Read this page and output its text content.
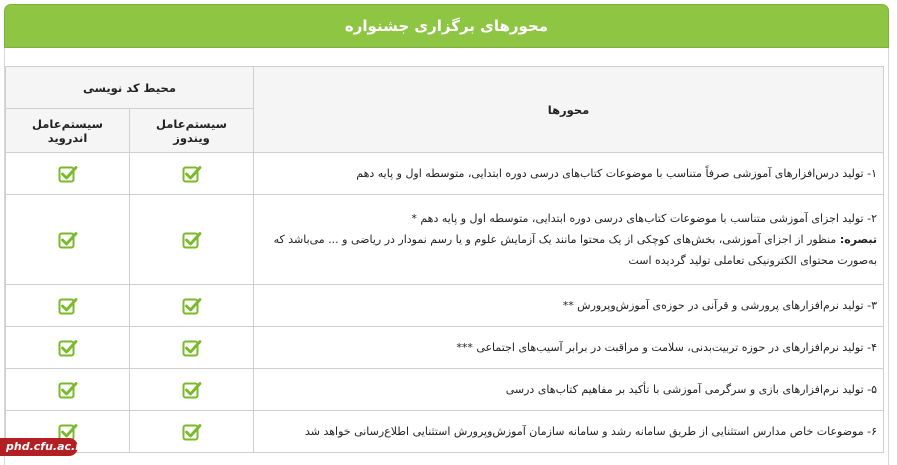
محورهای برگزاری جشنواره
محورها	محیط کد نویسی	
	سیستم‌عامل ویندوز	سیستم‌عامل اندروید
۱- تولید درس‌افزارهای آموزشی صرفاً متناسب با موضوعات کتاب‌های درسی دوره ابتدایی، متوسطه اول و پایه دهم		

۲- تولید اجزای آموزشی متناسب با موضوعات کتاب‌های درسی دوره ابتدایی، متوسطه اول و پایه دهم *
تبصره: منظور از اجزای آموزشی، بخش‌های کوچکی از یک محتوا مانند یک آزمایش علوم و یا رسم نمودار در ریاضی و ... می‌باشد که به‌صورت محتوای الکترونیکی تعاملی تولید گردیده است

۳- تولید نرم‌افزارهای پرورشی و قرآنی در حوزه‌ی آموزش‌وپرورش **		
۴- تولید نرم‌افزارهای در حوزه تربیت‌بدنی، سلامت و مراقبت در برابر آسیب‌های اجتماعی ***		
۵- تولید نرم‌افزارهای بازی و سرگرمی آموزشی با تأکید بر مفاهیم کتاب‌های درسی		
۶- موضوعات خاص مدارس استثنایی از طریق سامانه رشد و سامانه سازمان آموزش‌وپرورش استثنایی اطلاع‌رسانی خواهد شد		
phd.cfu.ac.ir
